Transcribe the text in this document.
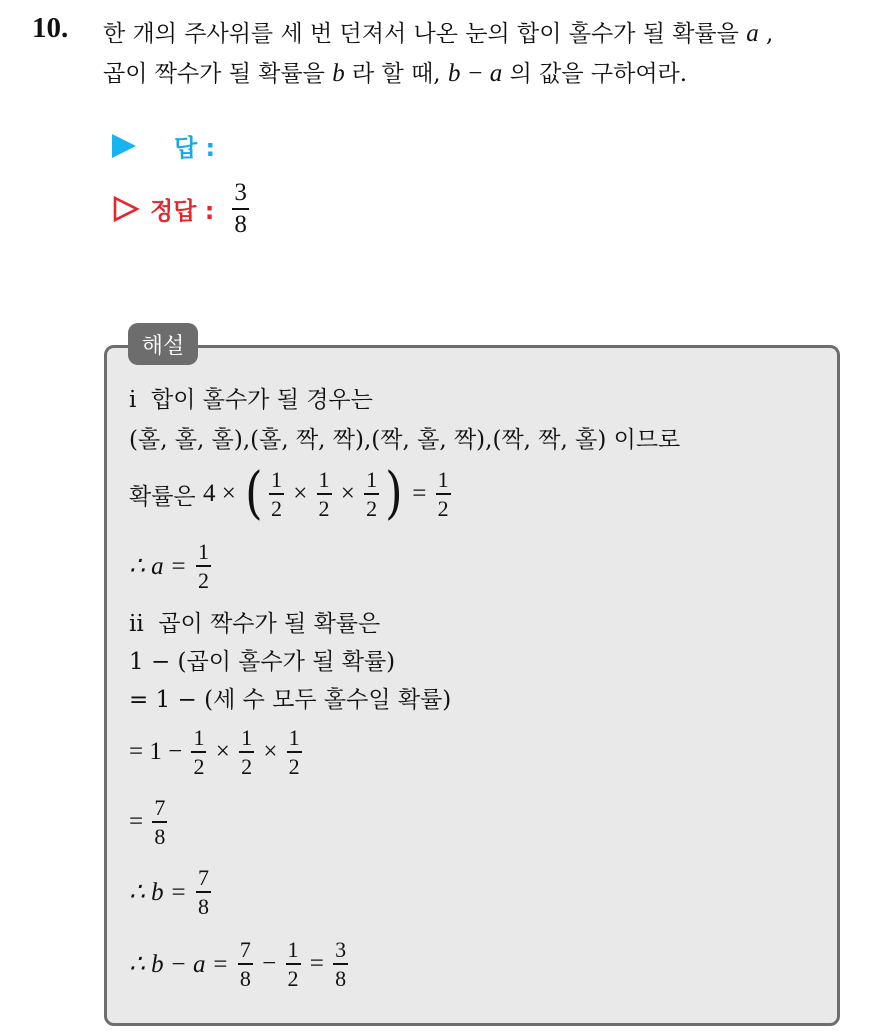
10. 한 개의 주사위를 세 번 던져서 나온 눈의 합이 홀수가 될 확률을 a ,
곱이 짝수가 될 확률을 b 라 할 때, b − a 의 값을 구하여라.
답 :
정답 : $\frac{3}{8}$
해설
i  합이 홀수가 될 경우는
(홀, 홀, 홀),(홀, 짝, 짝),(짝, 홀, 짝),(짝, 짝, 홀) 이므로
확률은 4 × ( $\frac{1}{2} \times \frac{1}{2} \times \frac{1}{2}$ ) = $\frac{1}{2}$
∴ $a = \frac{1}{2}$
ii  곱이 짝수가 될 확률은
1 − (곱이 홀수가 될 확률)
= 1 − (세 수 모두 홀수일 확률)
= $1 - \frac{1}{2} \times \frac{1}{2} \times \frac{1}{2}$
= $\frac{7}{8}$
∴ $b = \frac{7}{8}$
∴ $b - a = \frac{7}{8} - \frac{1}{2} = \frac{3}{8}$
